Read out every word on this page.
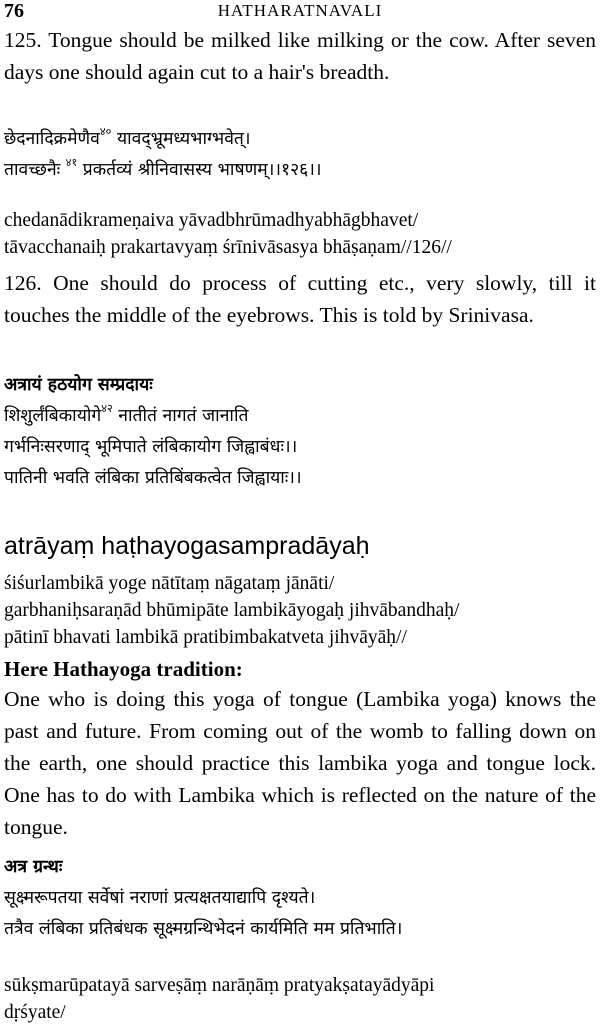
76	HATHARATNAVALI

125. Tongue should be milked like milking or the cow. After seven days one should again cut to a hair's breadth.

छेदनादिक्रमेणैव$^{४०}$ यावद्भ्रूमध्यभाग्भवेत्।

तावच्छनैः $^{४१}$ प्रकर्तव्यं श्रीनिवासस्य भाषणम्।।१२६।।

chedanādikrameṇaiva yāvadbhrūmadhyabhāgbhavet/

tāvacchanaiḥ prakartavyaṃ śrīnivāsasya bhāṣaṇam//126//

126. One should do process of cutting etc., very slowly, till it touches the middle of the eyebrows. This is told by Srinivasa.

अत्रायं हठयोग सम्प्रदायः

शिशुर्लंबिकायोगे$^{४२}$ नातीतं नागतं जानाति

गर्भनिःसरणाद् भूमिपाते लंबिकायोग जिह्वाबंधः।।

पातिनी भवति लंबिका प्रतिबिंबकत्वेत जिह्वायाः।।

atrāyaṃ haṭhayogasampradāyaḥ

śiśurlambikā yoge nātītaṃ nāgataṃ jānāti/

garbhaniḥsaraṇād bhūmipāte lambikāyogaḥ jihvābandhaḥ/

pātinī bhavati lambikā pratibimbakatveta jihvāyāḥ//

Here Hathayoga tradition:

One who is doing this yoga of tongue (Lambika yoga) knows the past and future. From coming out of the womb to falling down on the earth, one should practice this lambika yoga and tongue lock. One has to do with Lambika which is reflected on the nature of the tongue.

अत्र ग्रन्थः

सूक्ष्मरूपतया सर्वेषां नराणां प्रत्यक्षतयाद्यापि दृश्यते।

तत्रैव लंबिका प्रतिबंधक सूक्ष्मग्रन्थिभेदनं कार्यमिति मम प्रतिभाति।

sūkṣmarūpatayā sarveṣāṃ narāṇāṃ pratyakṣatayādyāpi

dṛśyate/
